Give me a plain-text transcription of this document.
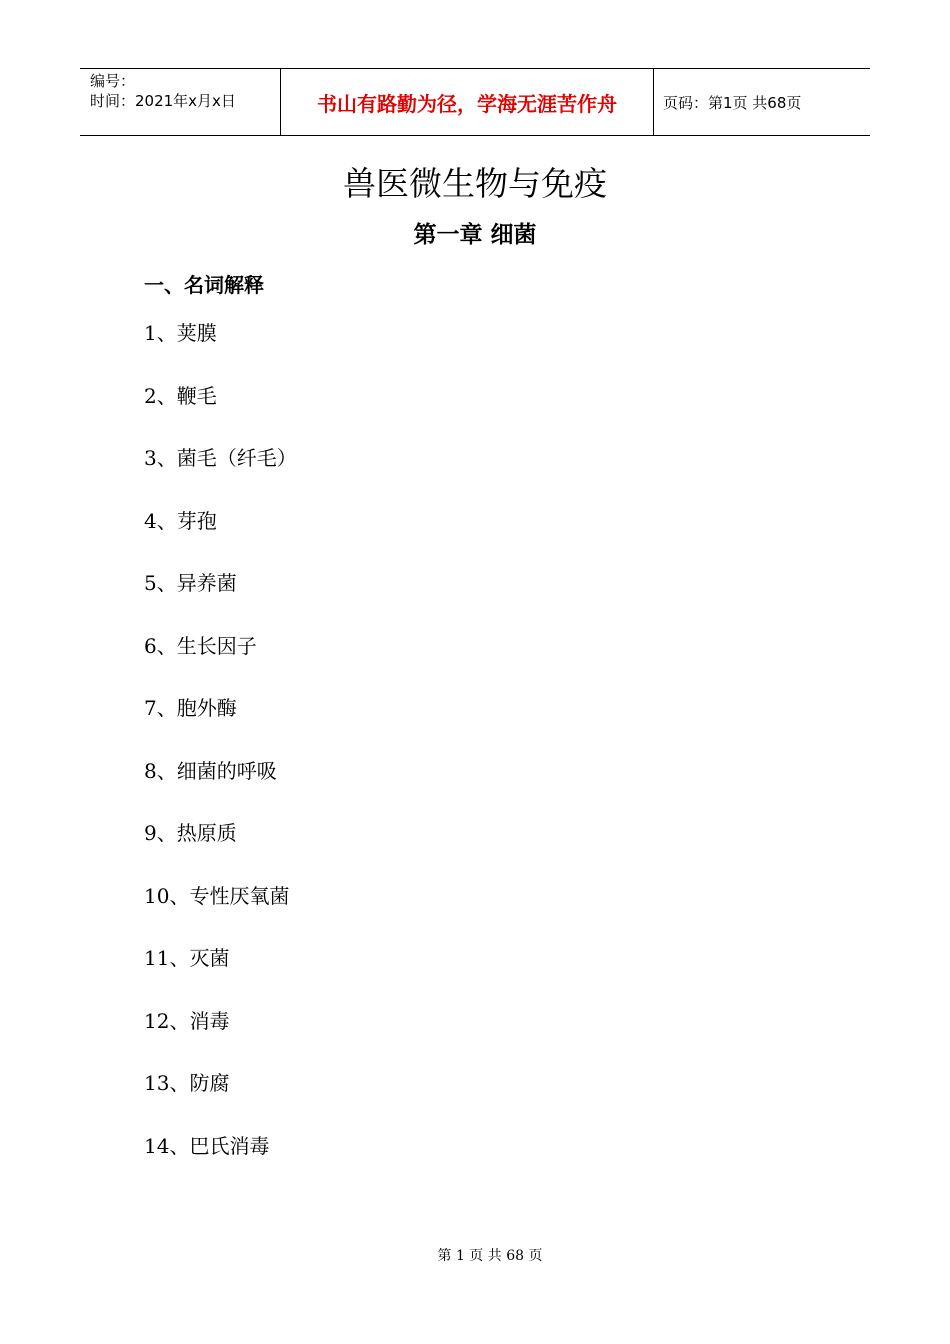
编号：
时间：2021年x月x日	书山有路勤为径，学海无涯苦作舟	页码：第1页 共68页
兽医微生物与免疫
第一章 细菌
一、名词解释
1、荚膜
2、鞭毛
3、菌毛（纤毛）
4、芽孢
5、异养菌
6、生长因子
7、胞外酶
8、细菌的呼吸
9、热原质
10、专性厌氧菌
11、灭菌
12、消毒
13、防腐
14、巴氏消毒
第 1 页 共 68 页
